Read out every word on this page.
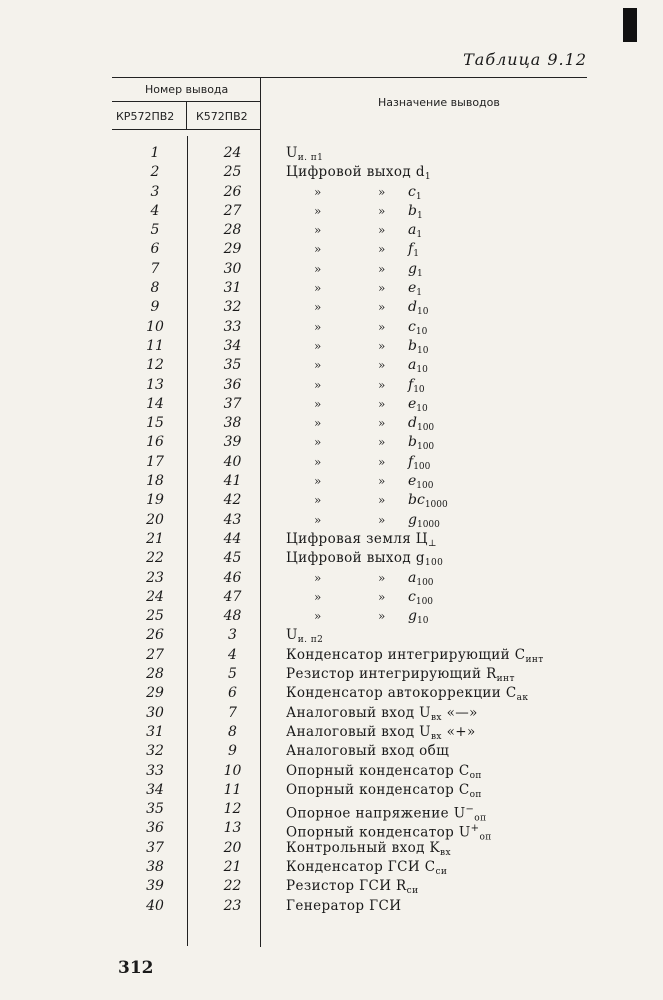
Таблица 9.12
Номер вывода
КР572ПВ2 К572ПВ2
Назначение выводов
1	24	$U_{и. п1}$
2	25	Цифровой выход $d_1$
3	26	»	» $c_1$
4	27	»	» $b_1$
5	28	»	» $a_1$
6	29	»	» $f_1$
7	30	»	» $g_1$
8	31	»	» $e_1$
9	32	»	» $d_{10}$
10	33	»	» $c_{10}$
11	34	»	» $b_{10}$
12	35	»	» $a_{10}$
13	36	»	» $f_{10}$
14	37	»	» $e_{10}$
15	38	»	» $d_{100}$
16	39	»	» $b_{100}$
17	40	»	» $f_{100}$
18	41	»	» $e_{100}$
19	42	»	» $bc_{1000}$
20	43	»	» $g_{1000}$
21	44	Цифровая земля $Ц_\perp$
22	45	Цифровой выход $g_{100}$
23	46	»	» $a_{100}$
24	47	»	» $c_{100}$
25	48	»	» $g_{10}$
26	3	$U_{и. п2}$
27	4	Конденсатор интегрирующий $C_{инт}$
28	5	Резистор интегрирующий $R_{инт}$
29	6	Конденсатор автокоррекции $C_{ак}$
30	7	Аналоговый вход $U_{вх}$ «—»
31	8	Аналоговый вход $U_{вх}$ «+»
32	9	Аналоговый вход общ
33	10	Опорный конденсатор $C_{оп}$
34	11	Опорный конденсатор $C_{оп}$
35	12	Опорное напряжение $U^-_{оп}$
36	13	Опорный конденсатор $U^+_{оп}$
37	20	Контрольный вход $K_{вх}$
38	21	Конденсатор ГСИ $C_{си}$
39	22	Резистор ГСИ $R_{си}$
40	23	Генератор ГСИ
312
